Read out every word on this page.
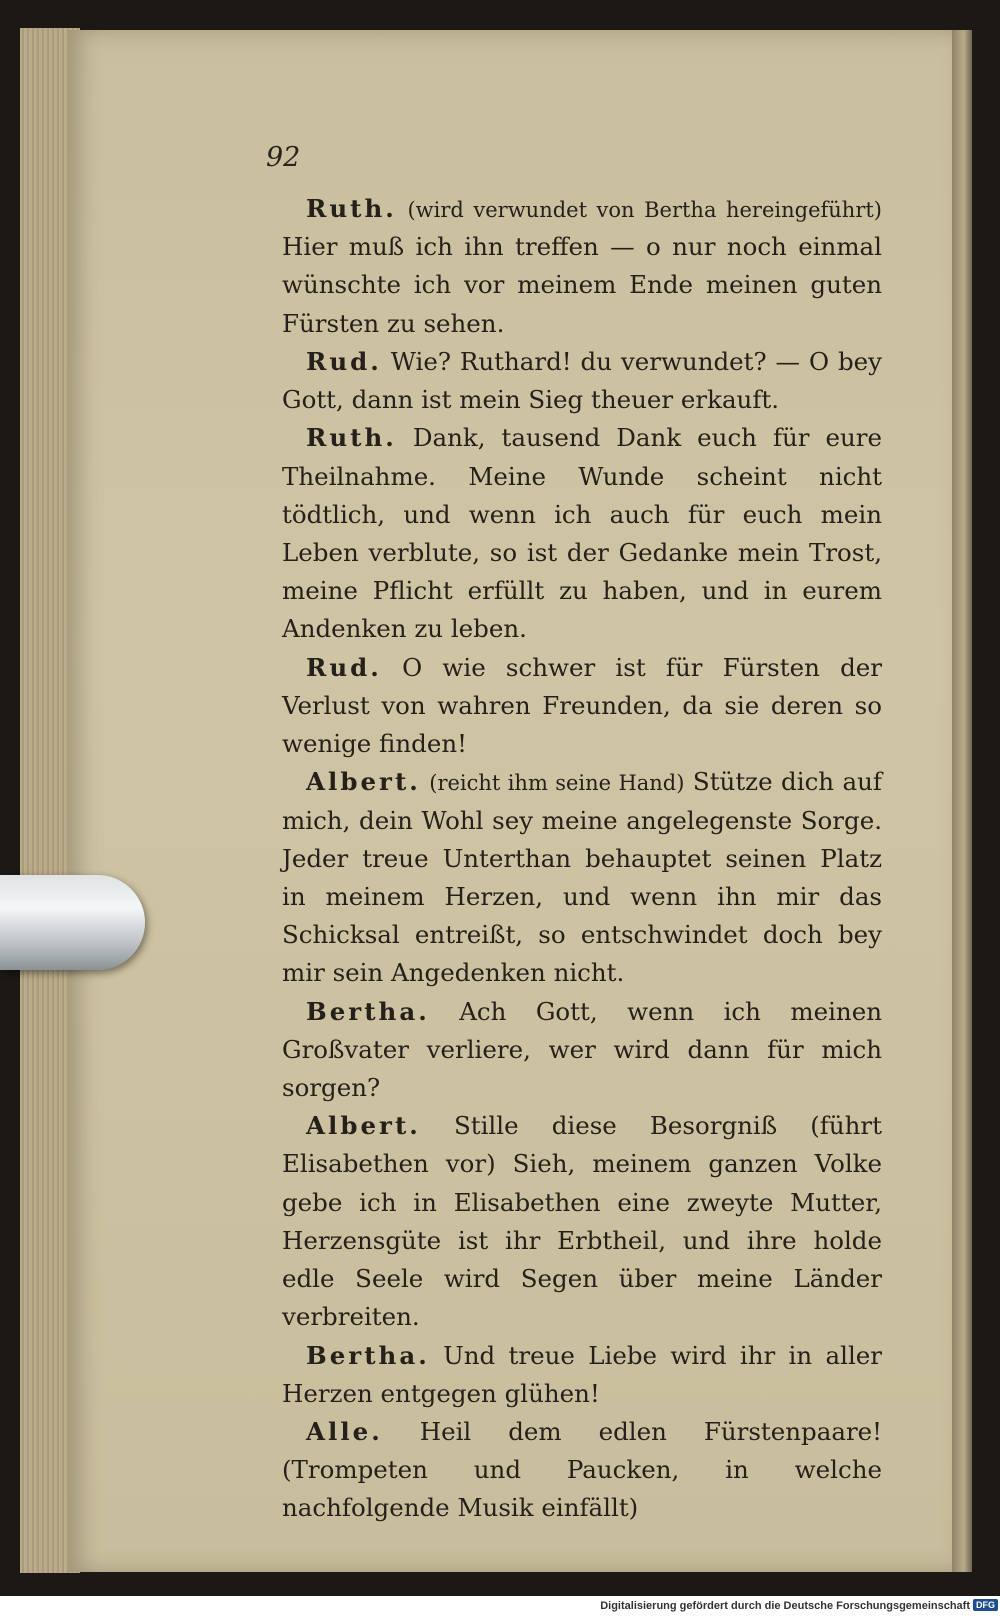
92

Ruth. (wird verwundet von Bertha hereingeführt) Hier muß ich ihn treffen — o nur noch einmal wünschte ich vor meinem Ende meinen guten Fürsten zu sehen.

Rud. Wie? Ruthard! du verwundet? — O bey Gott, dann ist mein Sieg theuer erkauft.

Ruth. Dank, tausend Dank euch für eure Theilnahme. Meine Wunde scheint nicht tödtlich, und wenn ich auch für euch mein Leben verblute, so ist der Gedanke mein Trost, meine Pflicht erfüllt zu haben, und in eurem Andenken zu leben.

Rud. O wie schwer ist für Fürsten der Verlust von wahren Freunden, da sie deren so wenige finden!

Albert. (reicht ihm seine Hand) Stütze dich auf mich, dein Wohl sey meine angelegenste Sorge. Jeder treue Unterthan behauptet seinen Platz in meinem Herzen, und wenn ihn mir das Schicksal entreißt, so entschwindet doch bey mir sein Angedenken nicht.

Bertha. Ach Gott, wenn ich meinen Großvater verliere, wer wird dann für mich sorgen?

Albert. Stille diese Besorgniß (führt Elisabethen vor) Sieh, meinem ganzen Volke gebe ich in Elisabethen eine zweyte Mutter, Herzensgüte ist ihr Erbtheil, und ihre holde edle Seele wird Segen über meine Länder verbreiten.

Bertha. Und treue Liebe wird ihr in aller Herzen entgegen glühen!

Alle. Heil dem edlen Fürstenpaare! (Trompeten und Paucken, in welche nachfolgende Musik einfällt)

Digitalisierung gefördert durch die Deutsche Forschungsgemeinschaft DFG
